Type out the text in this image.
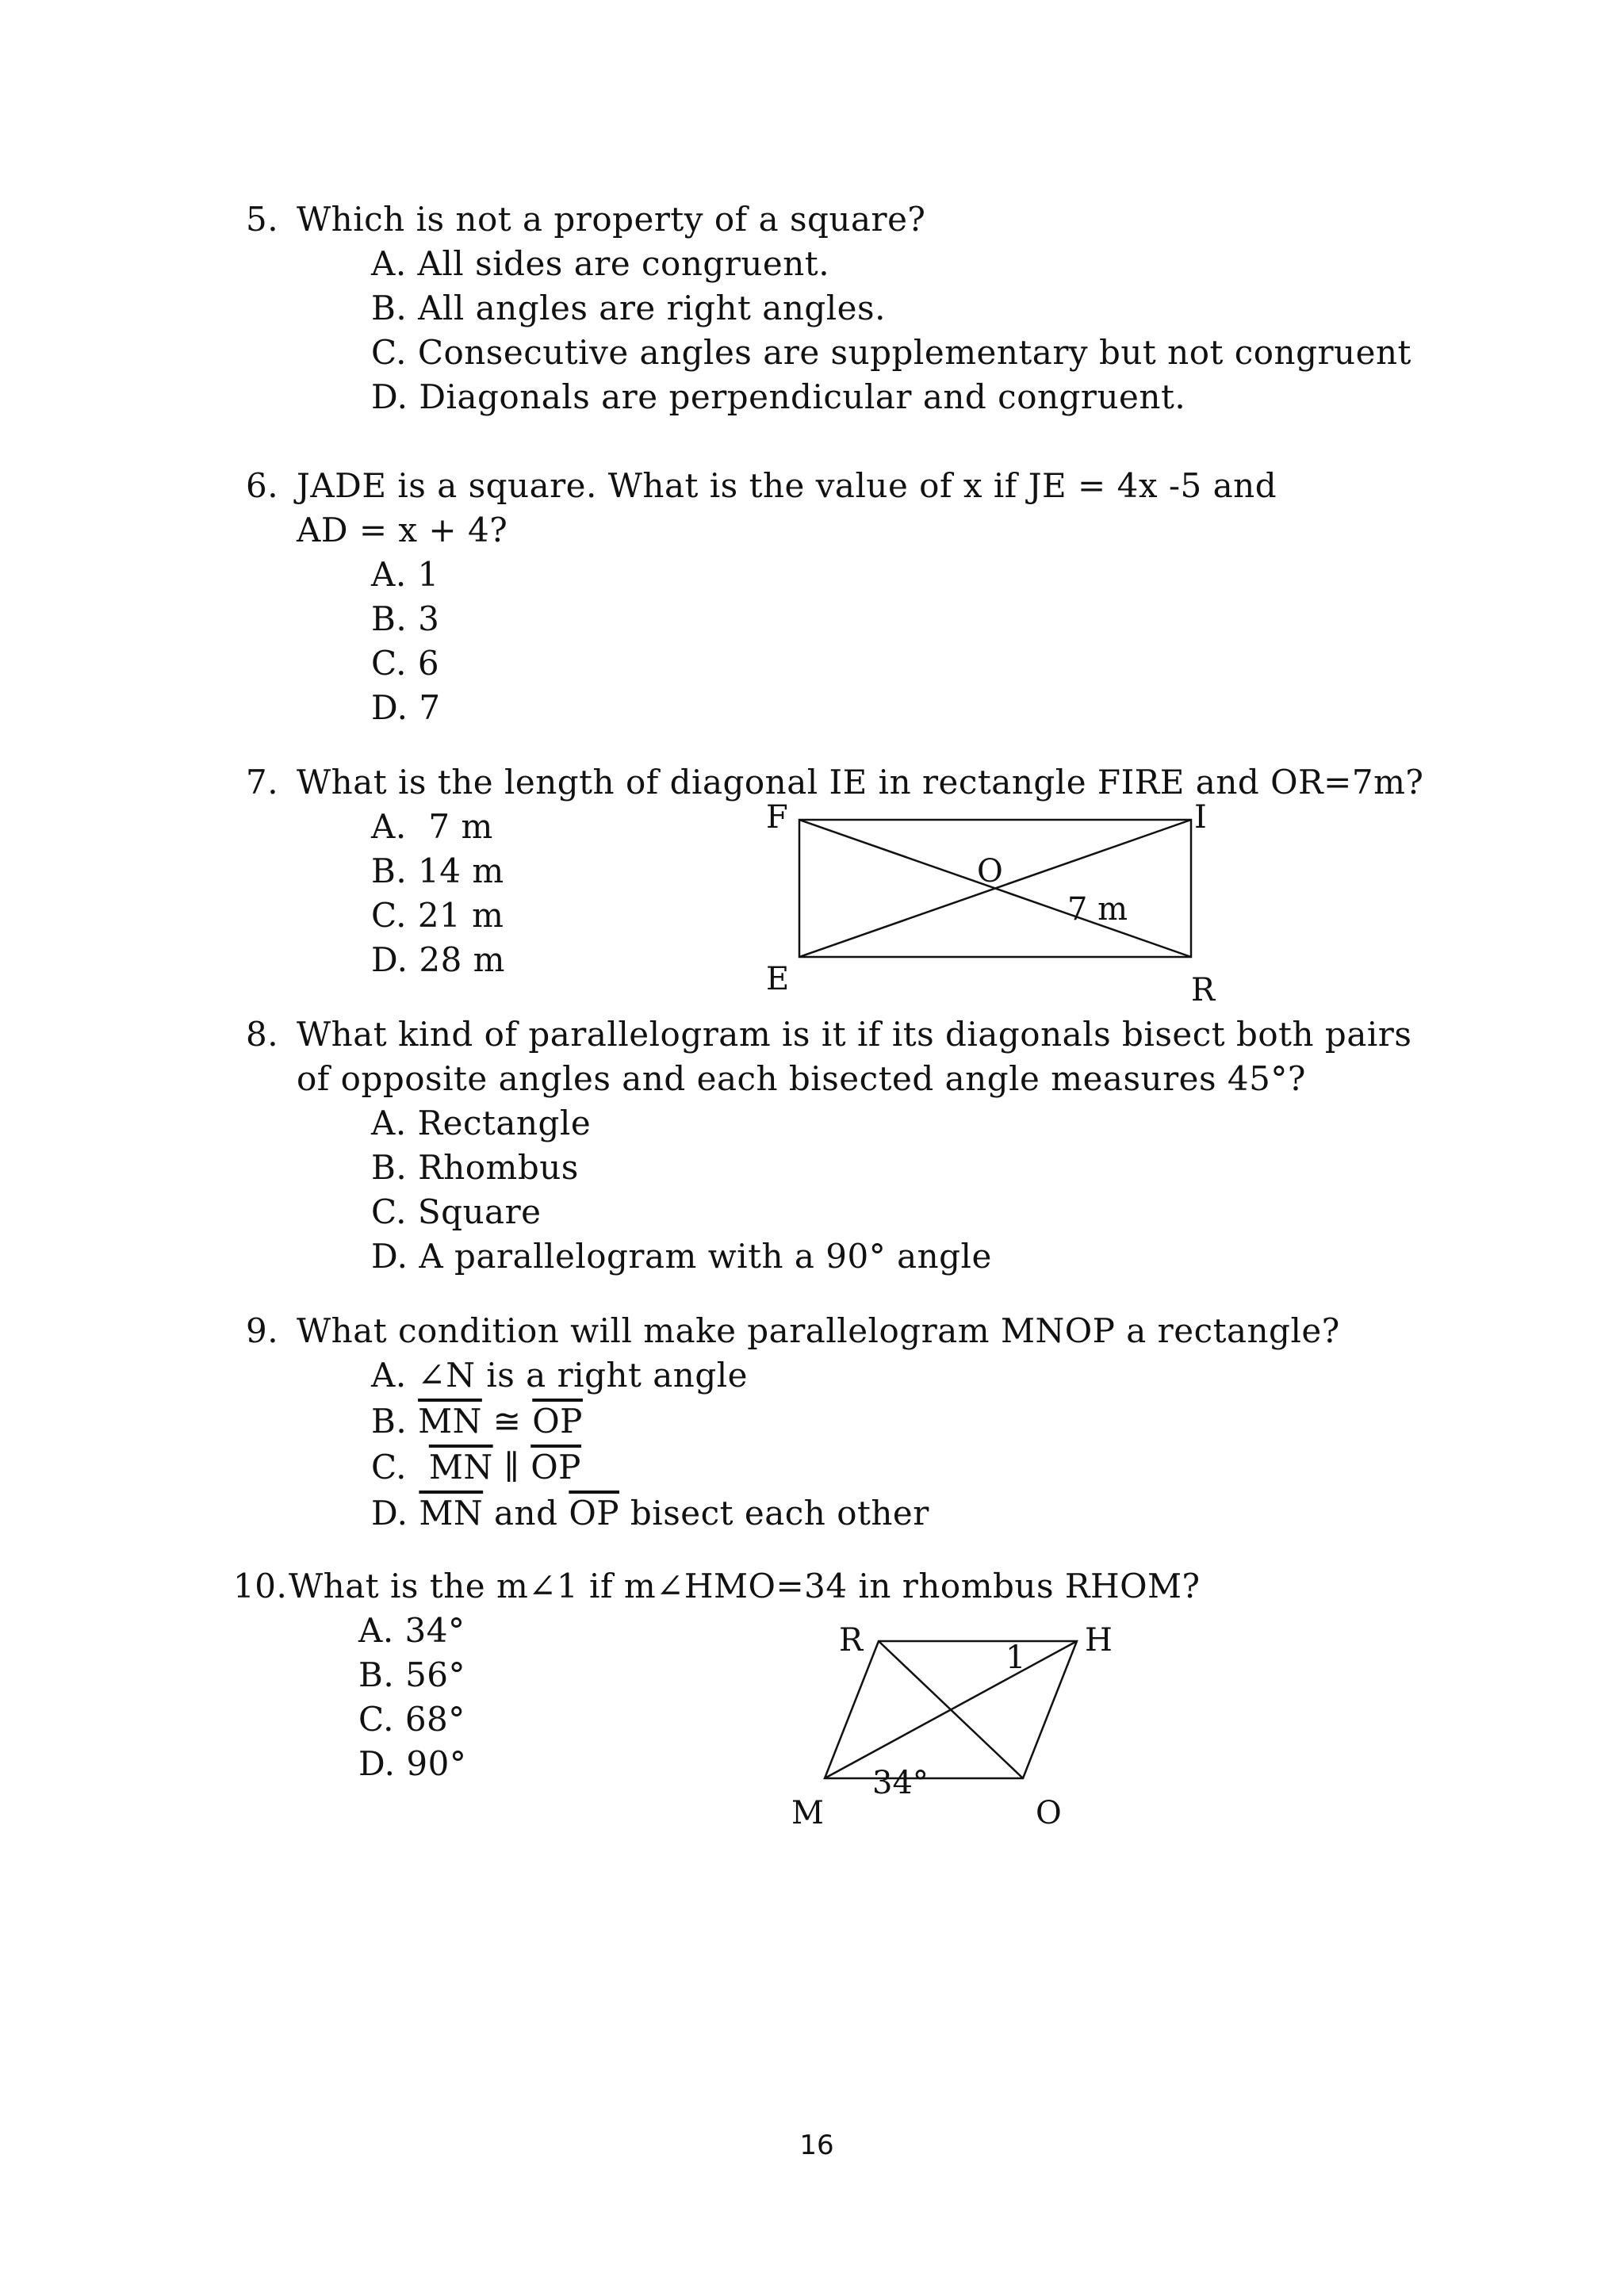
5. Which is not a property of a square?
A. All sides are congruent.
B. All angles are right angles.
C. Consecutive angles are supplementary but not congruent
D. Diagonals are perpendicular and congruent.
6. JADE is a square. What is the value of x if JE = 4x -5 and
AD = x + 4?
A. 1
B. 3
C. 6
D. 7
7. What is the length of diagonal IE in rectangle FIRE and OR=7m?
A.  7 m
B. 14 m
C. 21 m
D. 28 m
8. What kind of parallelogram is it if its diagonals bisect both pairs
of opposite angles and each bisected angle measures 45°?
A. Rectangle
B. Rhombus
C. Square
D. A parallelogram with a 90° angle
9. What condition will make parallelogram MNOP a rectangle?
A. ∠N is a right angle
B. $\overline{MN}$ ≅ $\overline{OP}$
C. $\overline{MN}$ ∥ $\overline{OP}$
D. $\overline{MN}$ and $\overline{OP}$ bisect each other
10. What is the m∠1 if m∠HMO=34 in rhombus RHOM?
A. 34°
B. 56°
C. 68°
D. 90°
F	I
O
7 m
E	R
R	H
1
34°
M	O
16
